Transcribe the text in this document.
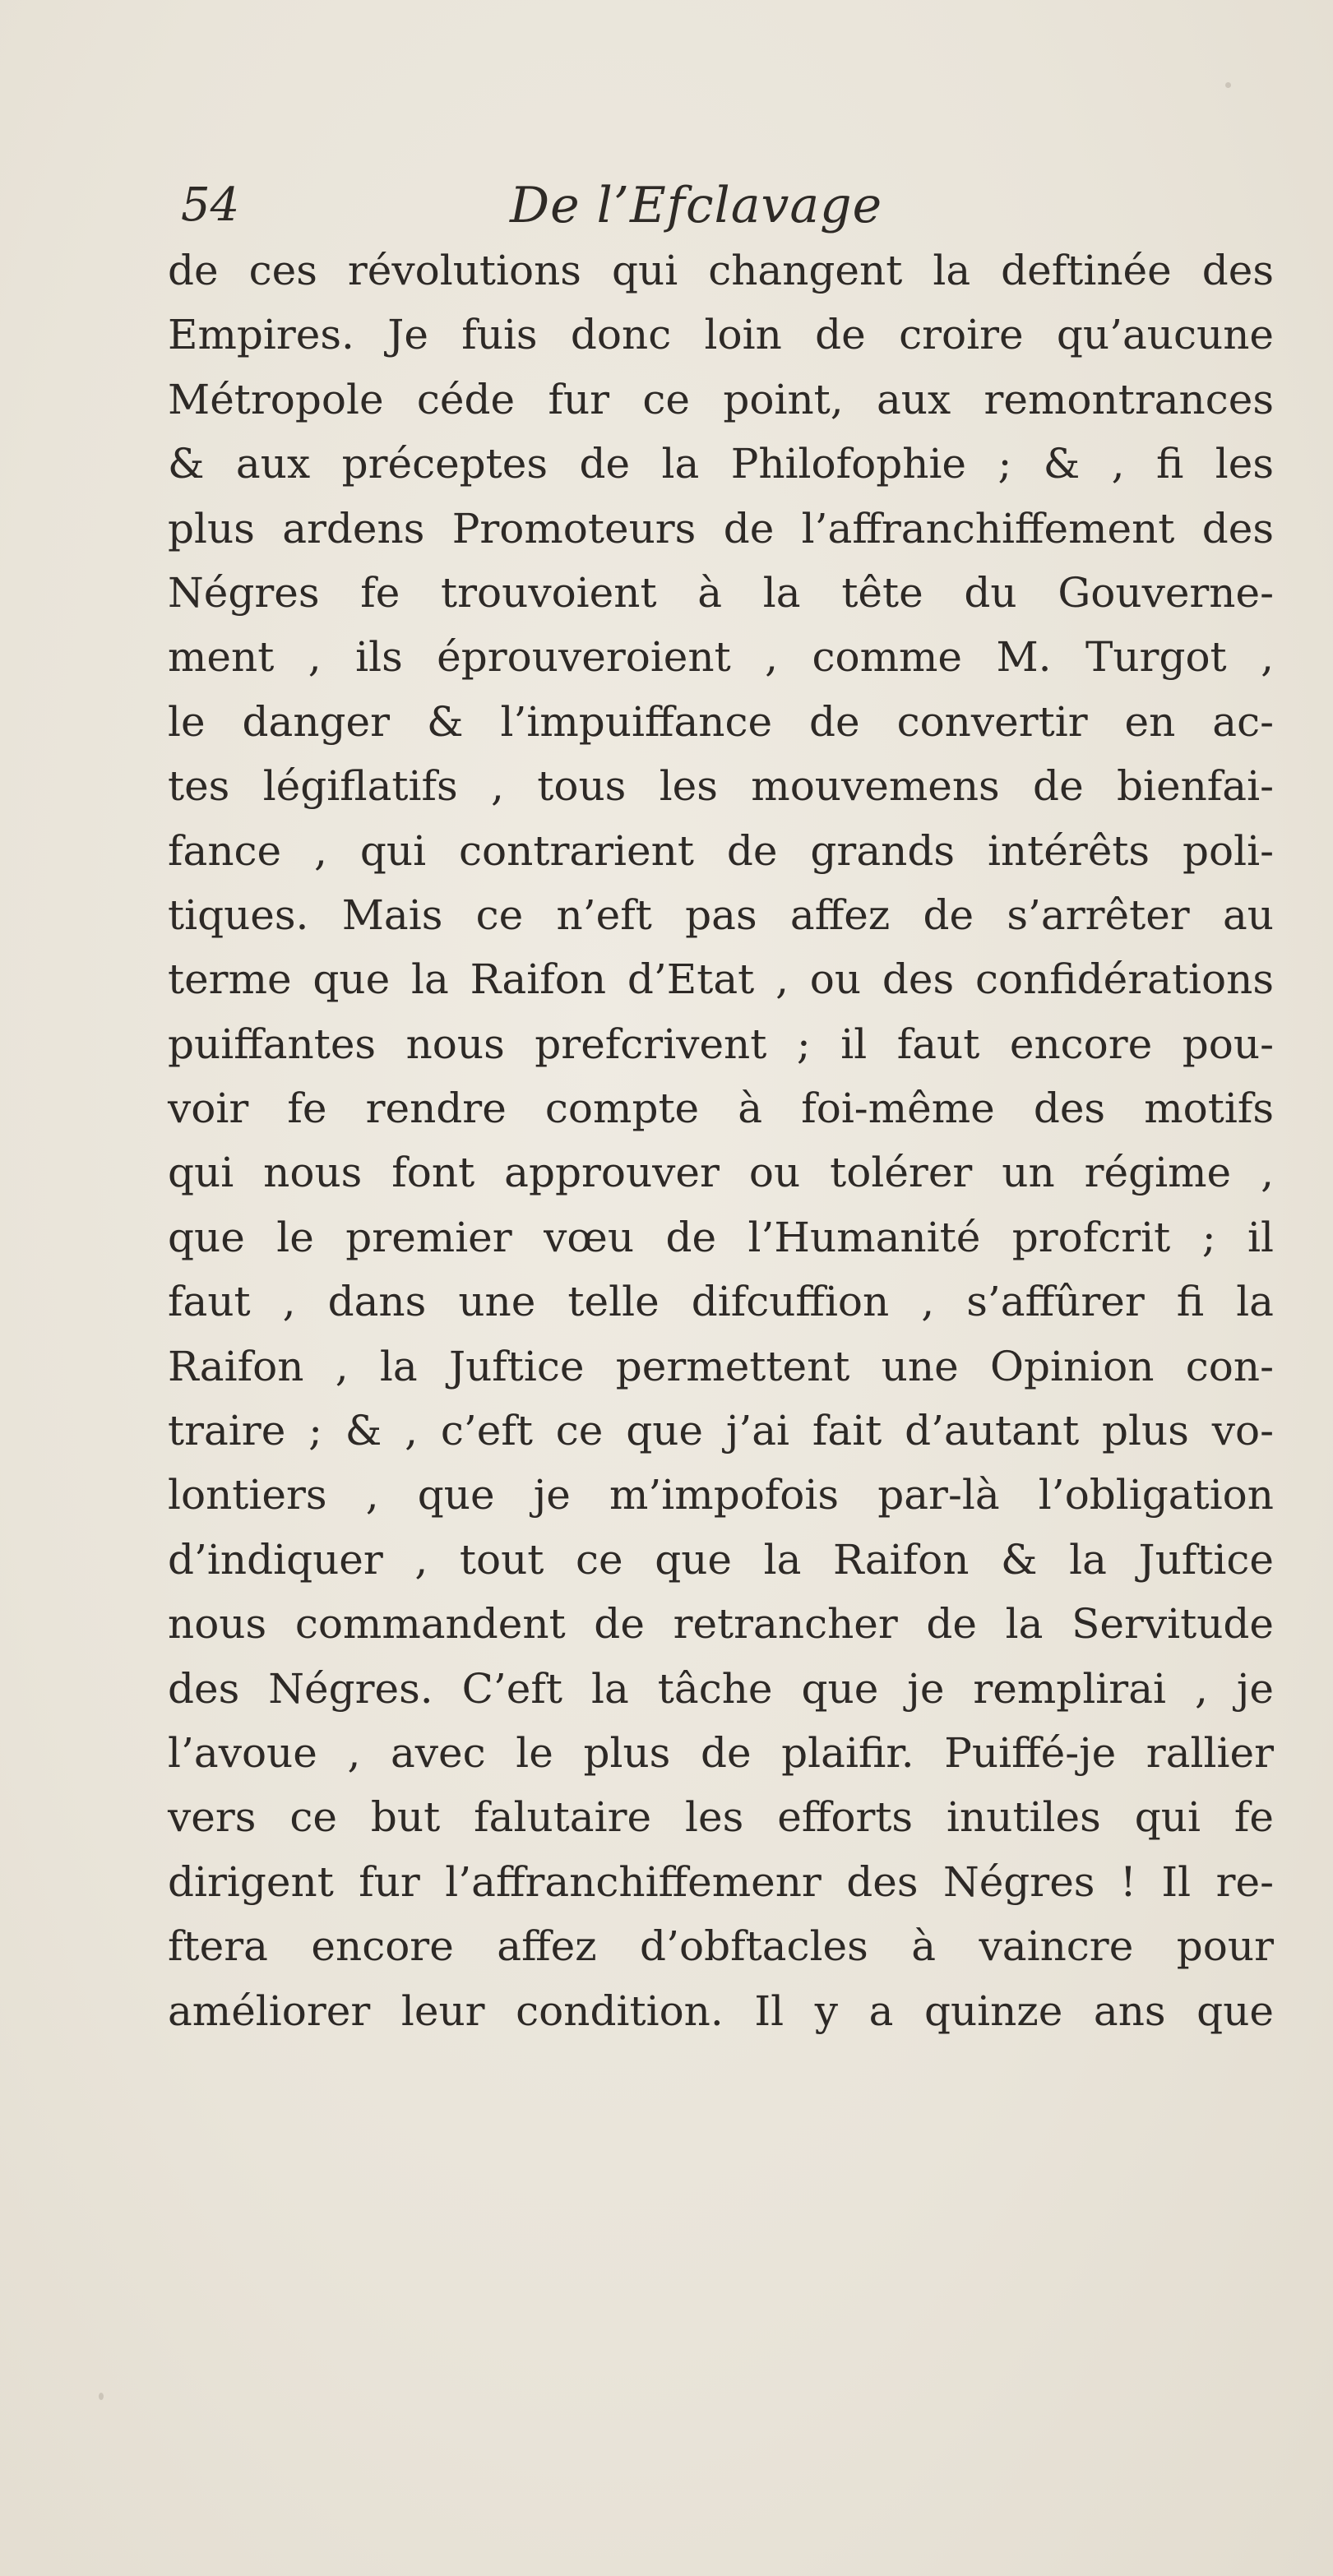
54	De l’Efclavage
de ces révolutions qui changent la deftinée des
Empires. Je fuis donc loin de croire qu’aucune
Métropole céde fur ce point, aux remontrances
& aux préceptes de la Philofophie ; & , fi les
plus ardens Promoteurs de l’affranchiffement des
Négres fe trouvoient à la tête du Gouverne-
ment , ils éprouveroient , comme M. Turgot ,
le danger & l’impuiffance de convertir en ac-
tes légiflatifs , tous les mouvemens de bienfai-
fance , qui contrarient de grands intérêts poli-
tiques. Mais ce n’eft pas affez de s’arrêter au
terme que la Raifon d’Etat , ou des confidérations
puiffantes nous prefcrivent ; il faut encore pou-
voir fe rendre compte à foi-même des motifs
qui nous font approuver ou tolérer un régime ,
que le premier vœu de l’Humanité profcrit ; il
faut , dans une telle difcuffion , s’affûrer fi la
Raifon , la Juftice permettent une Opinion con-
traire ; & , c’eft ce que j’ai fait d’autant plus vo-
lontiers , que je m’impofois par-là l’obligation
d’indiquer , tout ce que la Raifon & la Juftice
nous commandent de retrancher de la Servitude
des Négres. C’eft la tâche que je remplirai , je
l’avoue , avec le plus de plaifir. Puiffé-je rallier
vers ce but falutaire les efforts inutiles qui fe
dirigent fur l’affranchiffemenr des Négres ! Il re-
ftera encore affez d’obftacles à vaincre pour
améliorer leur condition. Il y a quinze ans que
